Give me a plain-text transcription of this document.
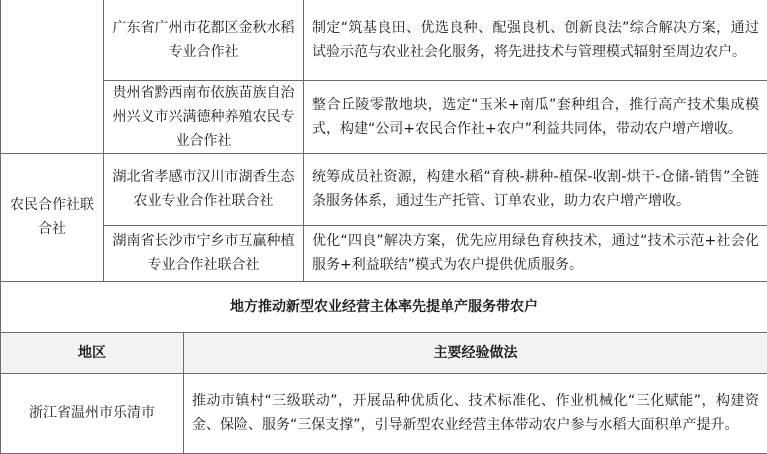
	广东省广州市花都区金秋水稻专业合作社		制定“筑基良田、优选良种、配强良机、创新良法”综合解决方案，通过试验示范与农业社会化服务，将先进技术与管理模式辐射至周边农户。
	贵州省黔西南布依族苗族自治州兴义市兴满德种养殖农民专业合作社		整合丘陵零散地块，选定“玉米+南瓜”套种组合，推行高产技术集成模式，构建“公司+农民合作社+农户”利益共同体，带动农户增产增收。
农民合作社联合社	湖北省孝感市汉川市湖香生态农业专业合作社联合社		统筹成员社资源，构建水稻“育秧-耕种-植保-收割-烘干-仓储-销售”全链条服务体系，通过生产托管、订单农业，助力农户增产增收。
	湖南省长沙市宁乡市互赢种植专业合作社联合社		优化“四良”解决方案，优先应用绿色育秧技术，通过“技术示范+社会化服务+利益联结”模式为农户提供优质服务。
地方推动新型农业经营主体率先提单产服务带农户			
地区		主要经验做法	
浙江省温州市乐清市		推动市镇村“三级联动”，开展品种优质化、技术标准化、作业机械化“三化赋能”，构建资金、保险、服务“三保支撑”，引导新型农业经营主体带动农户参与水稻大面积单产提升。	
